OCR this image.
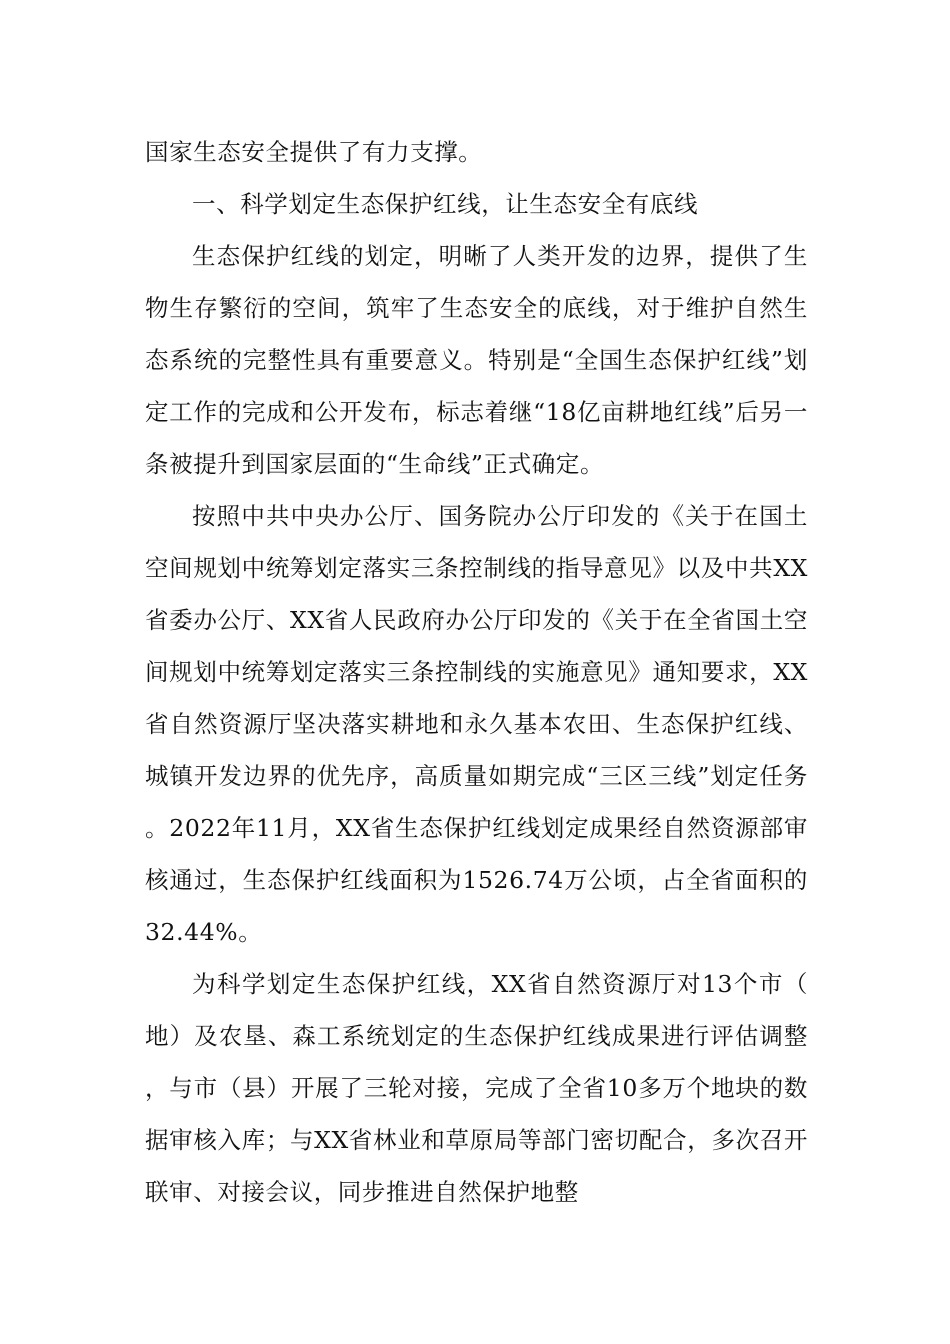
国家生态安全提供了有力支撑。

一、科学划定生态保护红线，让生态安全有底线

生态保护红线的划定，明晰了人类开发的边界，提供了生物生存繁衍的空间，筑牢了生态安全的底线，对于维护自然生态系统的完整性具有重要意义。特别是“全国生态保护红线”划定工作的完成和公开发布，标志着继“18亿亩耕地红线”后另一条被提升到国家层面的“生命线”正式确定。

按照中共中央办公厅、国务院办公厅印发的《关于在国土空间规划中统筹划定落实三条控制线的指导意见》以及中共XX省委办公厅、XX省人民政府办公厅印发的《关于在全省国土空间规划中统筹划定落实三条控制线的实施意见》通知要求，XX省自然资源厅坚决落实耕地和永久基本农田、生态保护红线、城镇开发边界的优先序，高质量如期完成“三区三线”划定任务。2022年11月，XX省生态保护红线划定成果经自然资源部审核通过，生态保护红线面积为1526.74万公顷，占全省面积的32.44%。

为科学划定生态保护红线，XX省自然资源厅对13个市（地）及农垦、森工系统划定的生态保护红线成果进行评估调整，与市（县）开展了三轮对接，完成了全省10多万个地块的数据审核入库；与XX省林业和草原局等部门密切配合，多次召开联审、对接会议，同步推进自然保护地整
